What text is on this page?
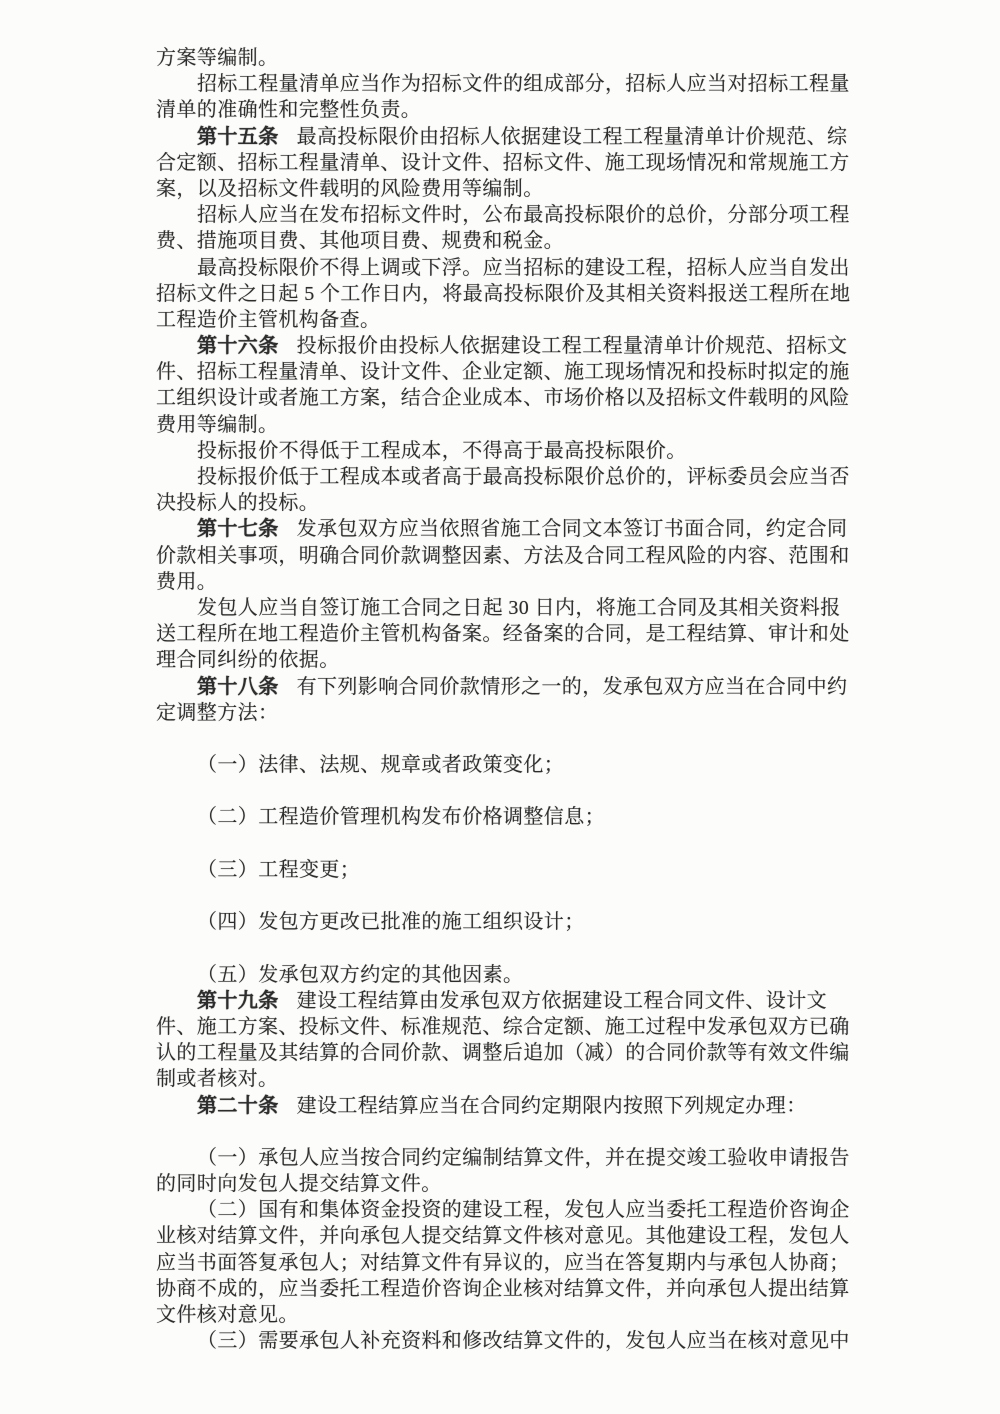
方案等编制。
招标工程量清单应当作为招标文件的组成部分，招标人应当对招标工程量
清单的准确性和完整性负责。
第十五条 最高投标限价由招标人依据建设工程工程量清单计价规范、综
合定额、招标工程量清单、设计文件、招标文件、施工现场情况和常规施工方
案，以及招标文件载明的风险费用等编制。
招标人应当在发布招标文件时，公布最高投标限价的总价，分部分项工程
费、措施项目费、其他项目费、规费和税金。
最高投标限价不得上调或下浮。应当招标的建设工程，招标人应当自发出
招标文件之日起 5 个工作日内，将最高投标限价及其相关资料报送工程所在地
工程造价主管机构备查。
第十六条 投标报价由投标人依据建设工程工程量清单计价规范、招标文
件、招标工程量清单、设计文件、企业定额、施工现场情况和投标时拟定的施
工组织设计或者施工方案，结合企业成本、市场价格以及招标文件载明的风险
费用等编制。
投标报价不得低于工程成本，不得高于最高投标限价。
投标报价低于工程成本或者高于最高投标限价总价的，评标委员会应当否
决投标人的投标。
第十七条 发承包双方应当依照省施工合同文本签订书面合同，约定合同
价款相关事项，明确合同价款调整因素、方法及合同工程风险的内容、范围和
费用。
发包人应当自签订施工合同之日起 30 日内，将施工合同及其相关资料报
送工程所在地工程造价主管机构备案。经备案的合同，是工程结算、审计和处
理合同纠纷的依据。
第十八条 有下列影响合同价款情形之一的，发承包双方应当在合同中约
定调整方法：
（一）法律、法规、规章或者政策变化；
（二）工程造价管理机构发布价格调整信息；
（三）工程变更；
（四）发包方更改已批准的施工组织设计；
（五）发承包双方约定的其他因素。
第十九条 建设工程结算由发承包双方依据建设工程合同文件、设计文
件、施工方案、投标文件、标准规范、综合定额、施工过程中发承包双方已确
认的工程量及其结算的合同价款、调整后追加（减）的合同价款等有效文件编
制或者核对。
第二十条 建设工程结算应当在合同约定期限内按照下列规定办理：
（一）承包人应当按合同约定编制结算文件，并在提交竣工验收申请报告
的同时向发包人提交结算文件。
（二）国有和集体资金投资的建设工程，发包人应当委托工程造价咨询企
业核对结算文件，并向承包人提交结算文件核对意见。其他建设工程，发包人
应当书面答复承包人；对结算文件有异议的，应当在答复期内与承包人协商；
协商不成的，应当委托工程造价咨询企业核对结算文件，并向承包人提出结算
文件核对意见。
（三）需要承包人补充资料和修改结算文件的，发包人应当在核对意见中
